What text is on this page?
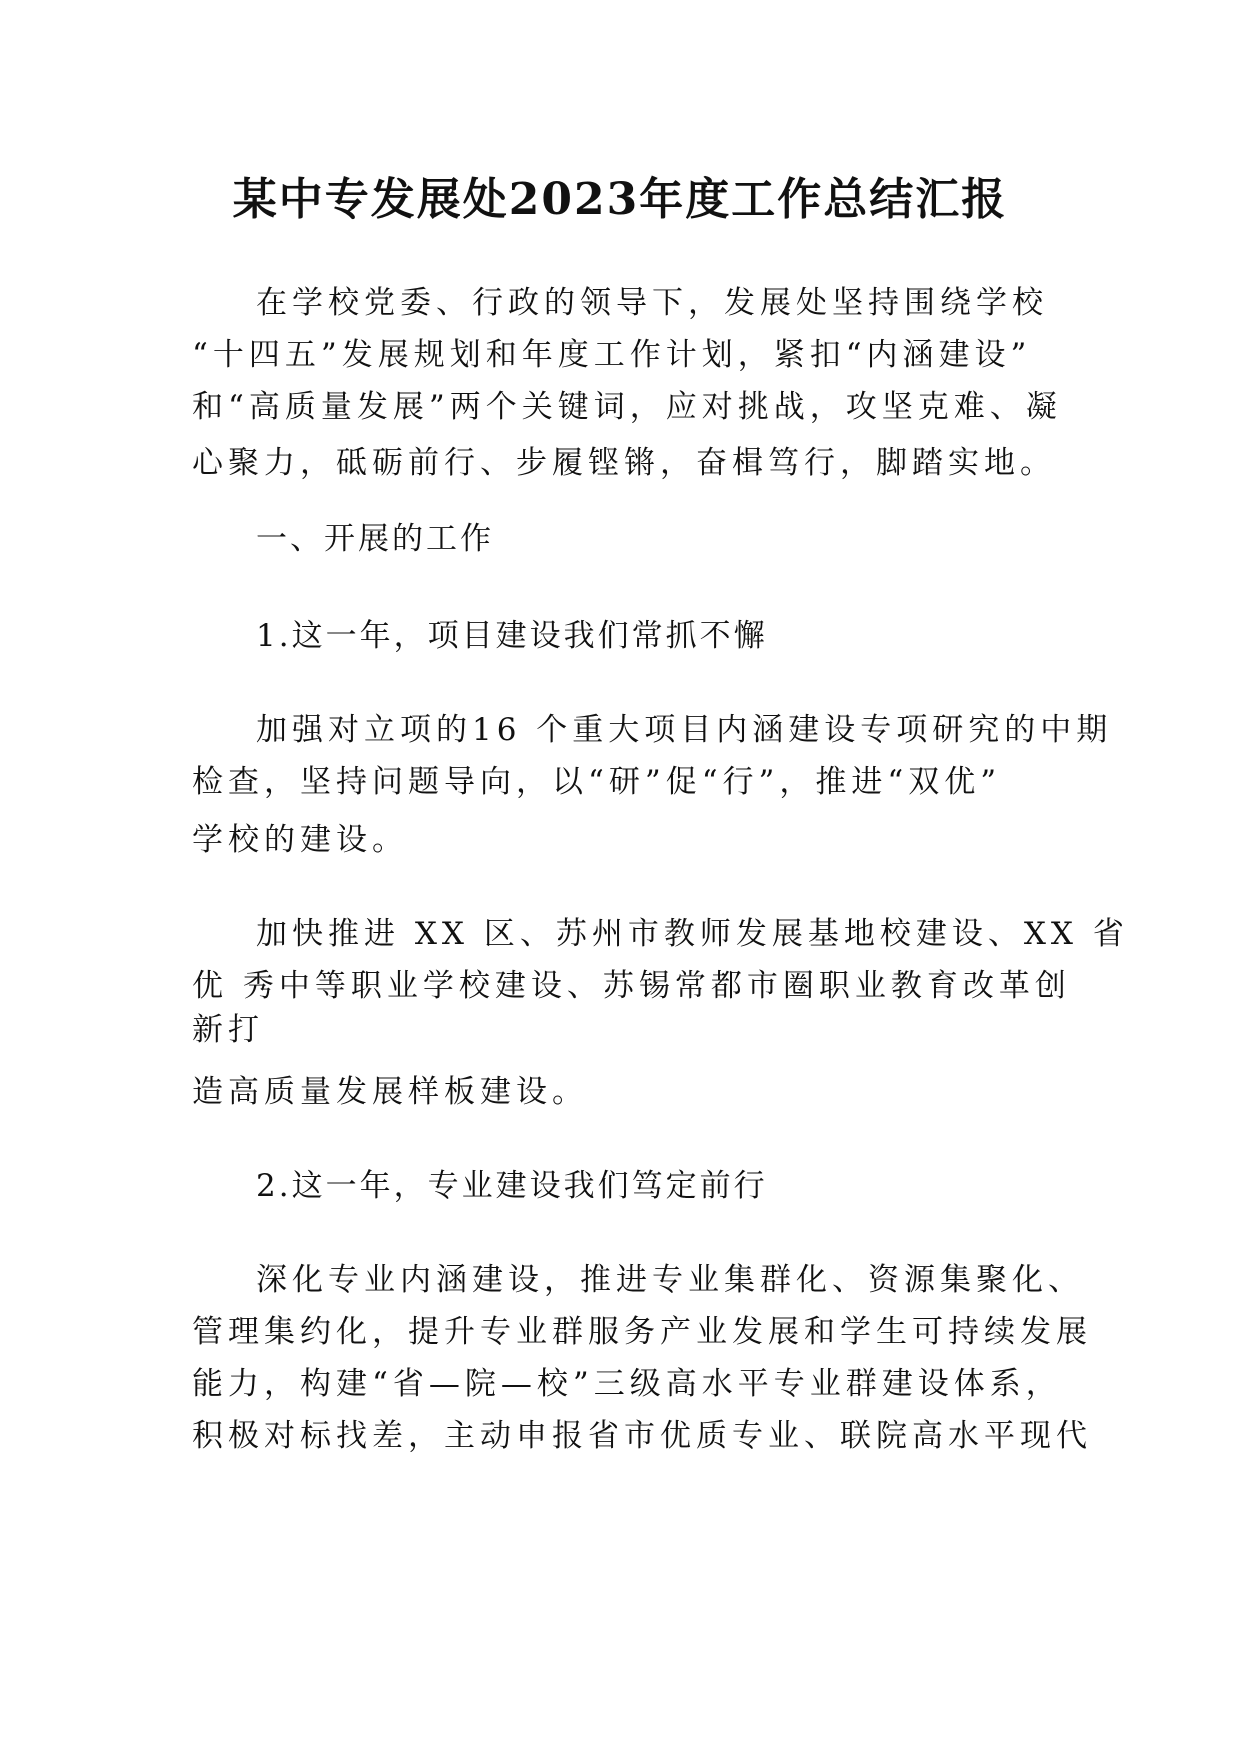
某中专发展处2023年度工作总结汇报
在学校党委、行政的领导下，发展处坚持围绕学校
“十四五”发展规划和年度工作计划，紧扣“内涵建设”
和“高质量发展”两个关键词，应对挑战，攻坚克难、凝
心聚力，砥砺前行、步履铿锵，奋楫笃行，脚踏实地。

一、开展的工作

1.这一年，项目建设我们常抓不懈

加强对立项的16 个重大项目内涵建设专项研究的中期
检查，坚持问题导向，以“研”促“行”，推进“双优”
学校的建设。
加快推进 XX 区、苏州市教师发展基地校建设、XX 省
优 秀中等职业学校建设、苏锡常都市圈职业教育改革创
新打
造高质量发展样板建设。

2.这一年，专业建设我们笃定前行

深化专业内涵建设，推进专业集群化、资源集聚化、
管理集约化，提升专业群服务产业发展和学生可持续发展
能力，构建“省—院—校”三级高水平专业群建设体系，
积极对标找差，主动申报省市优质专业、联院高水平现代
